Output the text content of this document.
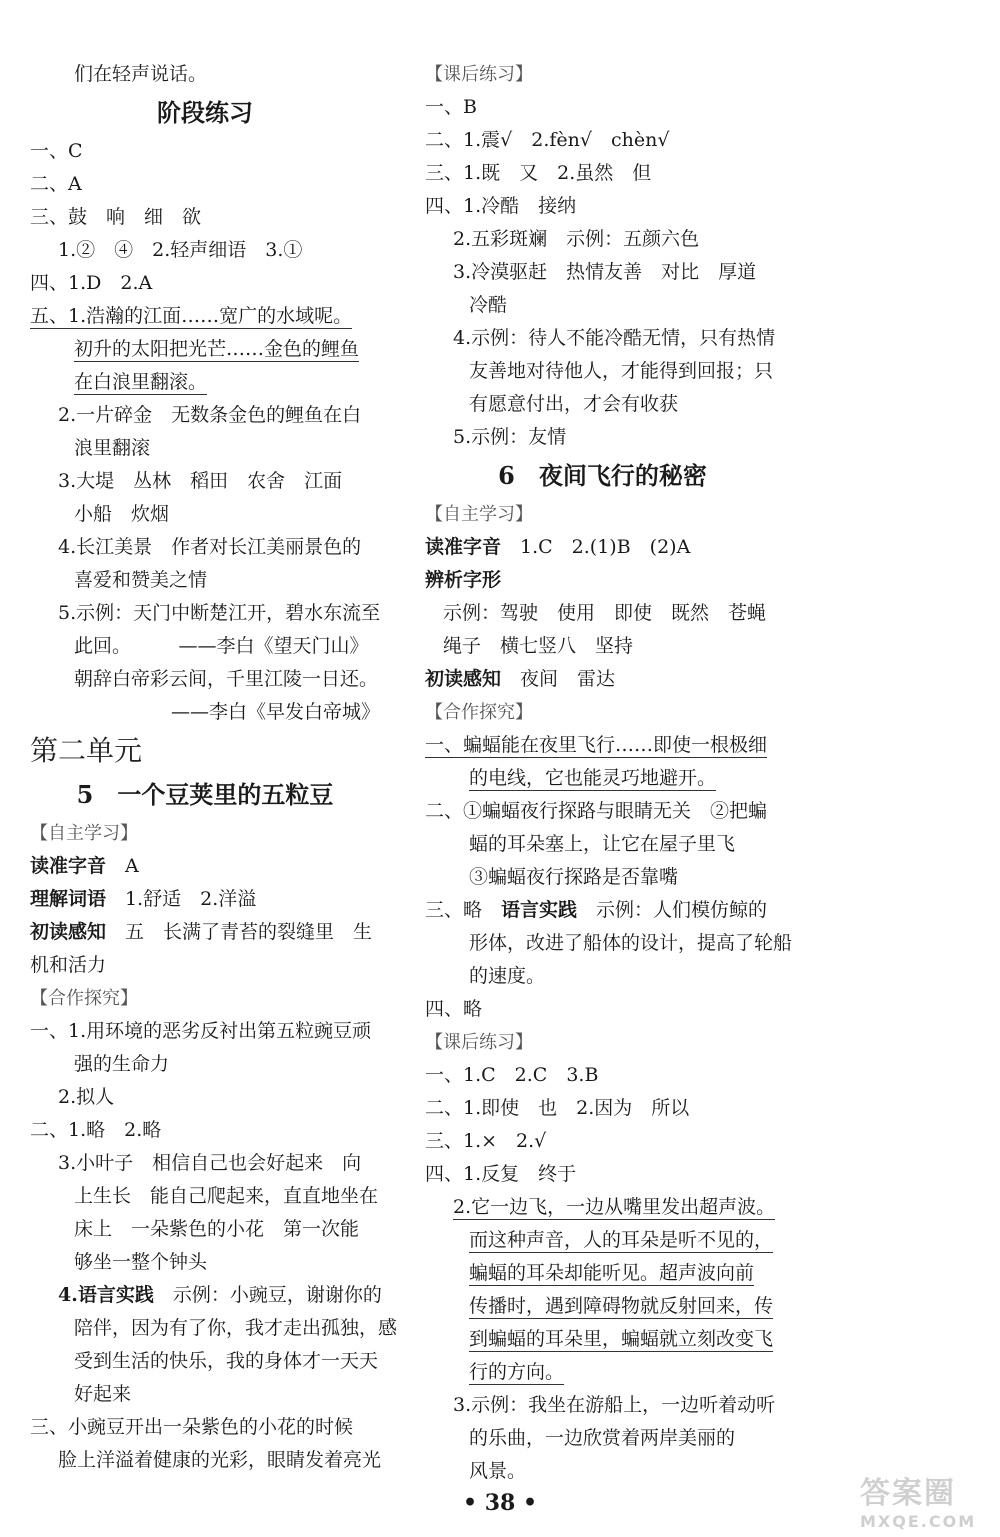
们在轻声说话。
阶段练习
一、C
二、A
三、鼓　响　细　欲
1.②　④　2.轻声细语　3.①
四、1.D　2.A
五、1.浩瀚的江面……宽广的水域呢。
初升的太阳把光芒……金色的鲤鱼
在白浪里翻滚。
2.一片碎金　无数条金色的鲤鱼在白
浪里翻滚
3.大堤　丛林　稻田　农舍　江面
小船　炊烟
4.长江美景　作者对长江美丽景色的
喜爱和赞美之情
5.示例：天门中断楚江开，碧水东流至
此回。　　　——李白《望天门山》
朝辞白帝彩云间，千里江陵一日还。
——李白《早发白帝城》
第二单元
5　一个豆荚里的五粒豆
【自主学习】
读准字音　A
理解词语　1.舒适　2.洋溢
初读感知　五　长满了青苔的裂缝里　生
机和活力
【合作探究】
一、1.用环境的恶劣反衬出第五粒豌豆顽
强的生命力
2.拟人
二、1.略　2.略
3.小叶子　相信自己也会好起来　向
上生长　能自己爬起来，直直地坐在
床上　一朵紫色的小花　第一次能
够坐一整个钟头
4.语言实践　示例：小豌豆，谢谢你的
陪伴，因为有了你，我才走出孤独，感
受到生活的快乐，我的身体才一天天
好起来
三、小豌豆开出一朵紫色的小花的时候
脸上洋溢着健康的光彩，眼睛发着亮光
【课后练习】
一、B
二、1.震√　2.fèn√　chèn√
三、1.既　又　2.虽然　但
四、1.冷酷　接纳
2.五彩斑斓　示例：五颜六色
3.冷漠驱赶　热情友善　对比　厚道
冷酷
4.示例：待人不能冷酷无情，只有热情
友善地对待他人，才能得到回报；只
有愿意付出，才会有收获
5.示例：友情
6　夜间飞行的秘密
【自主学习】
读准字音　1.C　2.(1)B　(2)A
辨析字形
示例：驾驶　使用　即使　既然　苍蝇
绳子　横七竖八　坚持
初读感知　夜间　雷达
【合作探究】
一、蝙蝠能在夜里飞行……即使一根极细
的电线，它也能灵巧地避开。
二、①蝙蝠夜行探路与眼睛无关　②把蝙
蝠的耳朵塞上，让它在屋子里飞
③蝙蝠夜行探路是否靠嘴
三、略　语言实践　示例：人们模仿鲸的
形体，改进了船体的设计，提高了轮船
的速度。
四、略
【课后练习】
一、1.C　2.C　3.B
二、1.即使　也　2.因为　所以
三、1.×　2.√
四、1.反复　终于
2.它一边飞，一边从嘴里发出超声波。
而这种声音，人的耳朵是听不见的，
蝙蝠的耳朵却能听见。超声波向前
传播时，遇到障碍物就反射回来，传
到蝙蝠的耳朵里，蝙蝠就立刻改变飞
行的方向。
3.示例：我坐在游船上，一边听着动听
的乐曲，一边欣赏着两岸美丽的
风景。
• 38 •	答案圈
MXQE.COM
